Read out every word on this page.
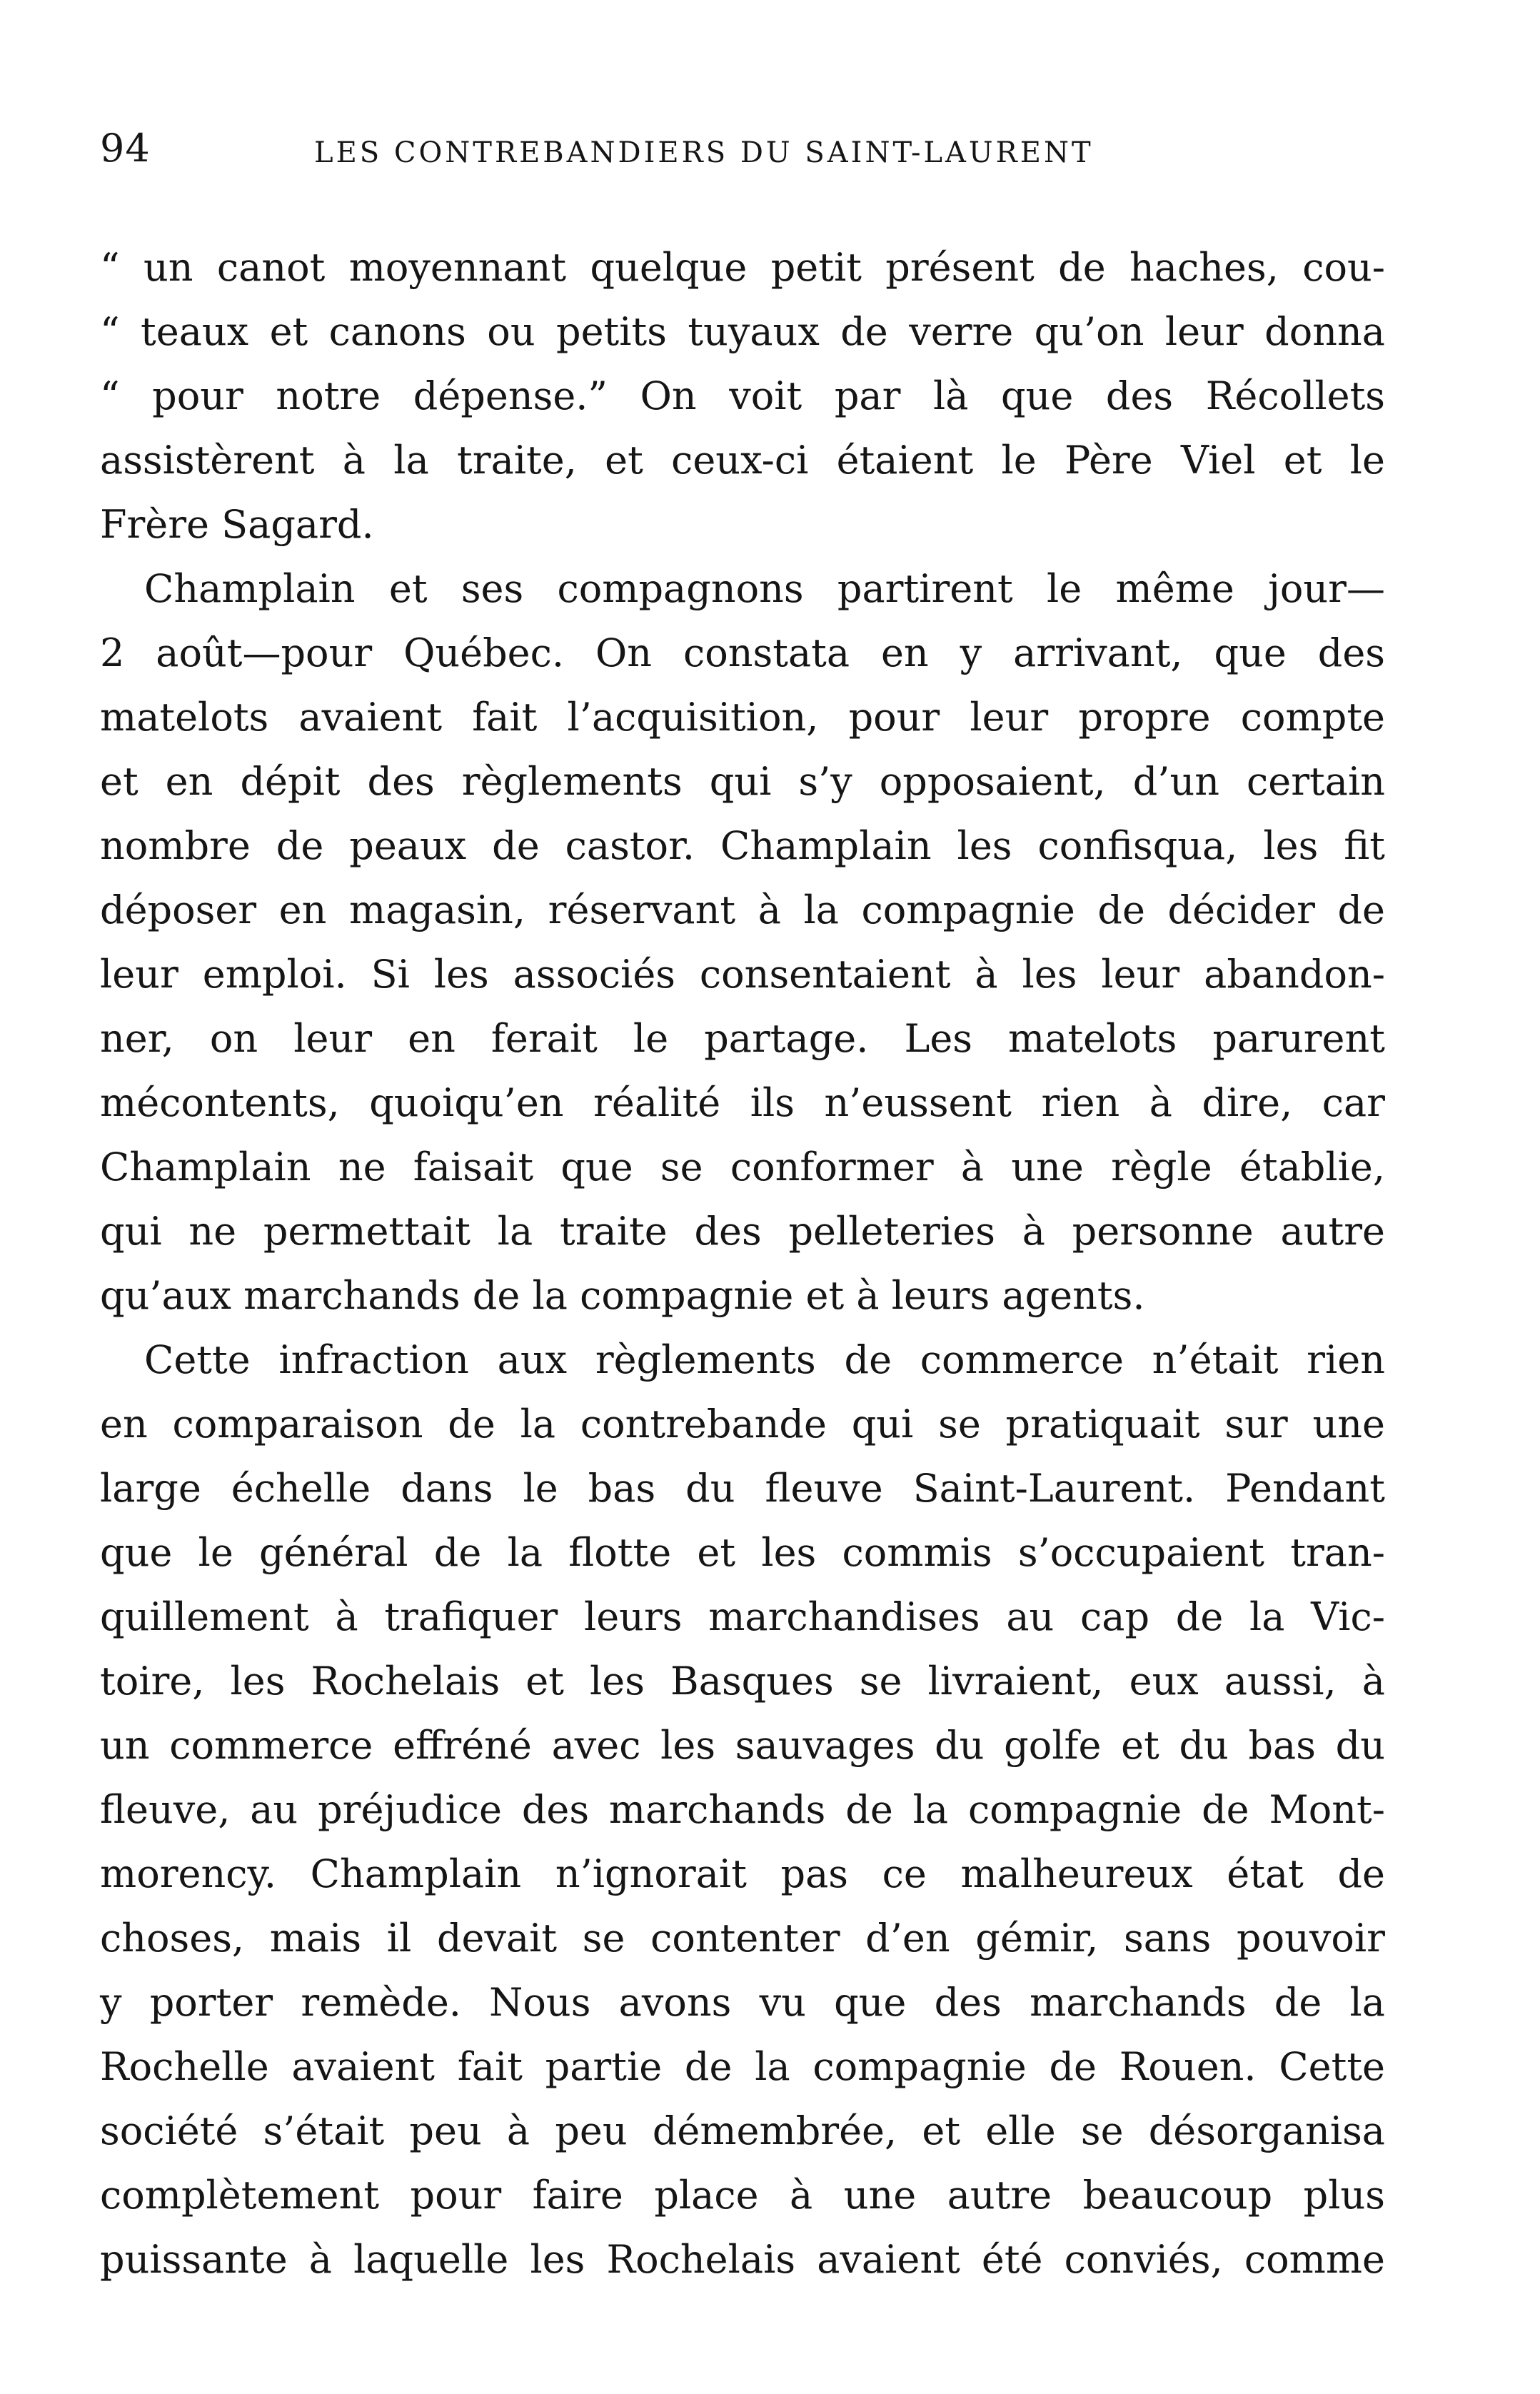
94	LES CONTREBANDIERS DU SAINT-LAURENT
“ un canot moyennant quelque petit présent de haches, cou-
“ teaux et canons ou petits tuyaux de verre qu’on leur donna
“ pour notre dépense.” On voit par là que des Récollets
assistèrent à la traite, et ceux-ci étaient le Père Viel et le
Frère Sagard.
Champlain et ses compagnons partirent le même jour—
2 août—pour Québec. On constata en y arrivant, que des
matelots avaient fait l’acquisition, pour leur propre compte
et en dépit des règlements qui s’y opposaient, d’un certain
nombre de peaux de castor. Champlain les confisqua, les fit
déposer en magasin, réservant à la compagnie de décider de
leur emploi. Si les associés consentaient à les leur abandon-
ner, on leur en ferait le partage. Les matelots parurent
mécontents, quoiqu’en réalité ils n’eussent rien à dire, car
Champlain ne faisait que se conformer à une règle établie,
qui ne permettait la traite des pelleteries à personne autre
qu’aux marchands de la compagnie et à leurs agents.
Cette infraction aux règlements de commerce n’était rien
en comparaison de la contrebande qui se pratiquait sur une
large échelle dans le bas du fleuve Saint-Laurent. Pendant
que le général de la flotte et les commis s’occupaient tran-
quillement à trafiquer leurs marchandises au cap de la Vic-
toire, les Rochelais et les Basques se livraient, eux aussi, à
un commerce effréné avec les sauvages du golfe et du bas du
fleuve, au préjudice des marchands de la compagnie de Mont-
morency. Champlain n’ignorait pas ce malheureux état de
choses, mais il devait se contenter d’en gémir, sans pouvoir
y porter remède. Nous avons vu que des marchands de la
Rochelle avaient fait partie de la compagnie de Rouen. Cette
société s’était peu à peu démembrée, et elle se désorganisa
complètement pour faire place à une autre beaucoup plus
puissante à laquelle les Rochelais avaient été conviés, comme
